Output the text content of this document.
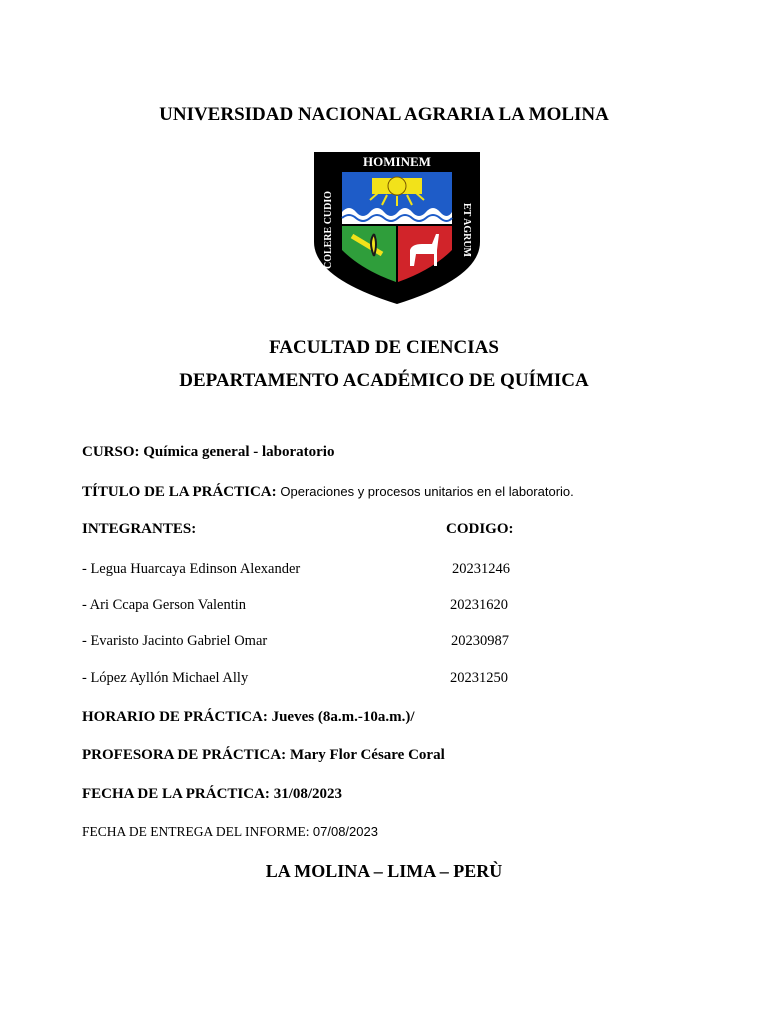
UNIVERSIDAD NACIONAL AGRARIA LA MOLINA
HOMINEM
COLERE CUDIO	ET AGRUM
FACULTAD DE CIENCIAS
DEPARTAMENTO ACADÉMICO DE QUÍMICA
CURSO: Química general - laboratorio
TÍTULO DE LA PRÁCTICA: Operaciones y procesos unitarios en el laboratorio.
INTEGRANTES:	CODIGO:
- Legua Huarcaya Edinson Alexander	20231246
- Ari Ccapa Gerson Valentin	20231620
- Evaristo Jacinto Gabriel Omar	20230987
- López Ayllón Michael Ally	20231250
HORARIO DE PRÁCTICA: Jueves (8a.m.-10a.m.)/
PROFESORA DE PRÁCTICA: Mary Flor Césare Coral
FECHA DE LA PRÁCTICA: 31/08/2023
FECHA DE ENTREGA DEL INFORME: 07/08/2023
LA MOLINA – LIMA – PERÙ
